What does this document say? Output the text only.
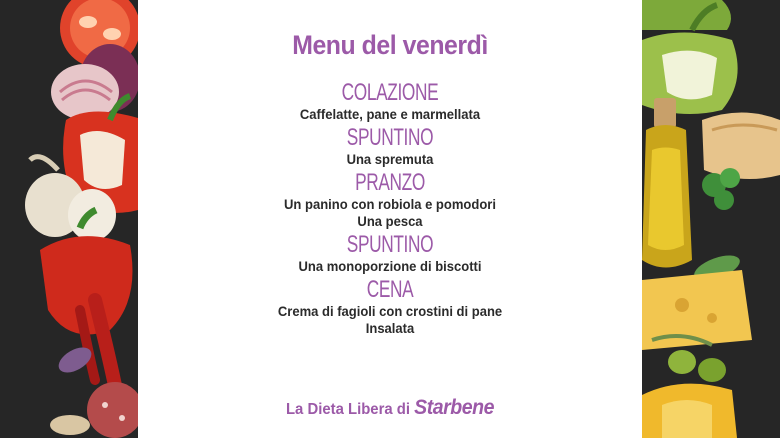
Menu del venerdì
COLAZIONE
Caffelatte, pane e marmellata
SPUNTINO
Una spremuta
PRANZO
Un panino con robiola e pomodori
Una pesca
SPUNTINO
Una monoporzione di biscotti
CENA
Crema di fagioli con crostini di pane
Insalata
La Dieta Libera di Starbene
